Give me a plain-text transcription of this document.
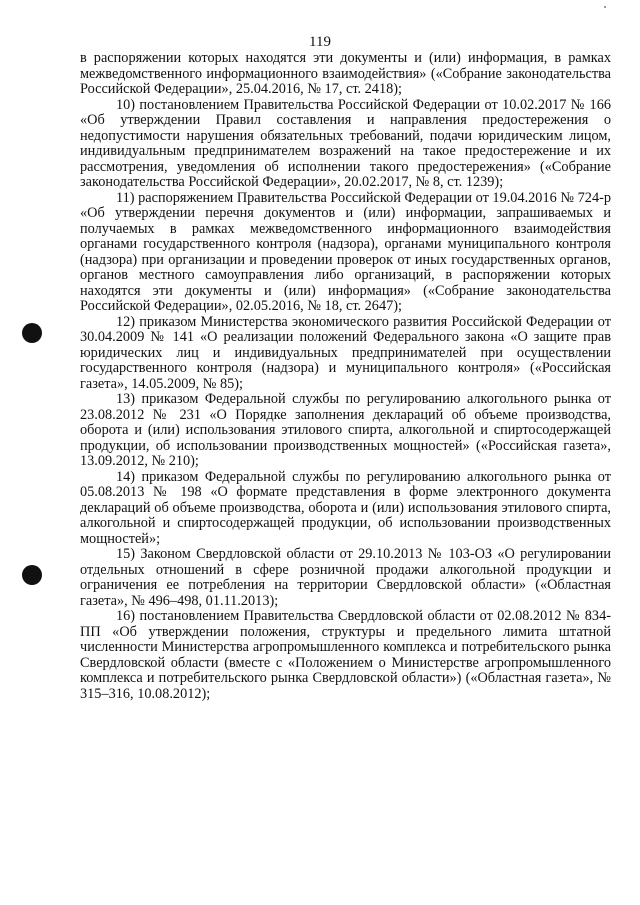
119

в распоряжении которых находятся эти документы и (или) информация, в рамках межведомственного информационного взаимодействия» («Собрание законодательства Российской Федерации», 25.04.2016, № 17, ст. 2418);

10) постановлением Правительства Российской Федерации от 10.02.2017 № 166 «Об утверждении Правил составления и направления предостережения о недопустимости нарушения обязательных требований, подачи юридическим лицом, индивидуальным предпринимателем возражений на такое предостережение и их рассмотрения, уведомления об исполнении такого предостережения» («Собрание законодательства Российской Федерации», 20.02.2017, № 8, ст. 1239);

11) распоряжением Правительства Российской Федерации от 19.04.2016 № 724-р «Об утверждении перечня документов и (или) информации, запрашиваемых и получаемых в рамках межведомственного информационного взаимодействия органами государственного контроля (надзора), органами муниципального контроля (надзора) при организации и проведении проверок от иных государственных органов, органов местного самоуправления либо организаций, в распоряжении которых находятся эти документы и (или) информация» («Собрание законодательства Российской Федерации», 02.05.2016, № 18, ст. 2647);

12) приказом Министерства экономического развития Российской Федерации от 30.04.2009 № 141 «О реализации положений Федерального закона «О защите прав юридических лиц и индивидуальных предпринимателей при осуществлении государственного контроля (надзора) и муниципального контроля» («Российская газета», 14.05.2009, № 85);

13) приказом Федеральной службы по регулированию алкогольного рынка от 23.08.2012 № 231 «О Порядке заполнения деклараций об объеме производства, оборота и (или) использования этилового спирта, алкогольной и спиртосодержащей продукции, об использовании производственных мощностей» («Российская газета», 13.09.2012, № 210);

14) приказом Федеральной службы по регулированию алкогольного рынка от 05.08.2013 № 198 «О формате представления в форме электронного документа деклараций об объеме производства, оборота и (или) использования этилового спирта, алкогольной и спиртосодержащей продукции, об использовании производственных мощностей»;

15) Законом Свердловской области от 29.10.2013 № 103-ОЗ «О регулировании отдельных отношений в сфере розничной продажи алкогольной продукции и ограничения ее потребления на территории Свердловской области» («Областная газета», № 496–498, 01.11.2013);

16) постановлением Правительства Свердловской области от 02.08.2012 № 834-ПП «Об утверждении положения, структуры и предельного лимита штатной численности Министерства агропромышленного комплекса и потребительского рынка Свердловской области (вместе с «Положением о Министерстве агропромышленного комплекса и потребительского рынка Свердловской области») («Областная газета», № 315–316, 10.08.2012);
